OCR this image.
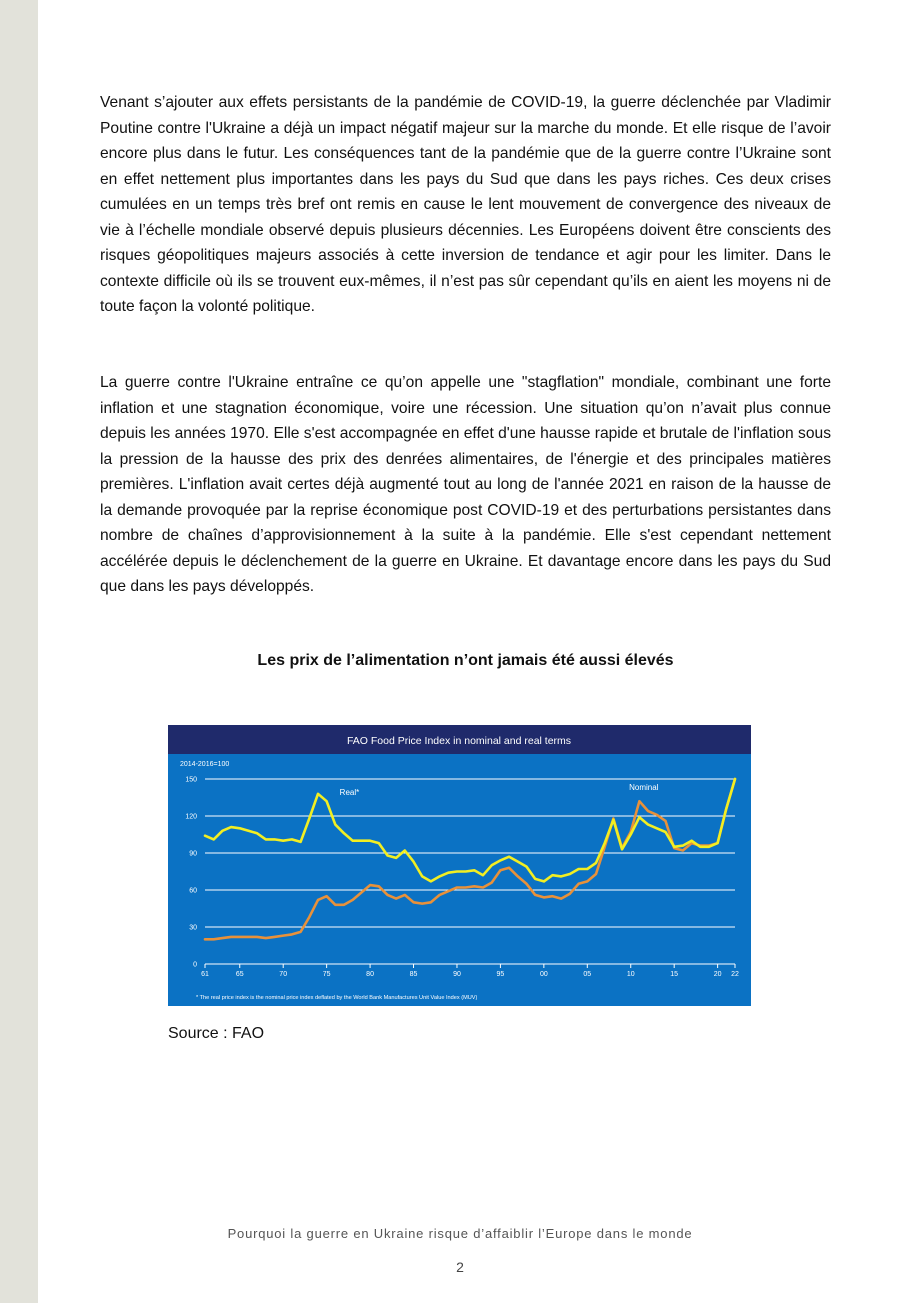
Venant s’ajouter aux effets persistants de la pandémie de COVID-19, la guerre déclenchée par Vladimir Poutine contre l'Ukraine a déjà un impact négatif majeur sur la marche du monde. Et elle risque de l’avoir encore plus dans le futur. Les conséquences tant de la pandémie que de la guerre contre l’Ukraine sont en effet nettement plus importantes dans les pays du Sud que dans les pays riches. Ces deux crises cumulées en un temps très bref ont remis en cause le lent mouvement de convergence des niveaux de vie à l’échelle mondiale observé depuis plusieurs décennies. Les Européens doivent être conscients des risques géopolitiques majeurs associés à cette inversion de tendance et agir pour les limiter. Dans le contexte difficile où ils se trouvent eux-mêmes, il n’est pas sûr cependant qu’ils en aient les moyens ni de toute façon la volonté politique.

La guerre contre l'Ukraine entraîne ce qu’on appelle une "stagflation" mondiale, combinant une forte inflation et une stagnation économique, voire une récession. Une situation qu’on n’avait plus connue depuis les années 1970. Elle s'est accompagnée en effet d'une hausse rapide et brutale de l'inflation sous la pression de la hausse des prix des denrées alimentaires, de l'énergie et des principales matières premières. L'inflation avait certes déjà augmenté tout au long de l'année 2021 en raison de la hausse de la demande provoquée par la reprise économique post COVID-19 et des perturbations persistantes dans nombre de chaînes d’approvisionnement à la suite à la pandémie. Elle s'est cependant nettement accélérée depuis le déclenchement de la guerre en Ukraine. Et davantage encore dans les pays du Sud que dans les pays développés.

Les prix de l’alimentation n’ont jamais été aussi élevés

FAO Food Price Index in nominal and real terms
2014-2016=100
0
30
60
90
120
150
61	65	70	75	80	85	90	95	00	05	10	15	20 22
Real*
Nominal
* The real price index is the nominal price index deflated by the World Bank Manufactures Unit Value Index (MUV)
Source : FAO
Pourquoi la guerre en Ukraine risque d’affaiblir l’Europe dans le monde
2
